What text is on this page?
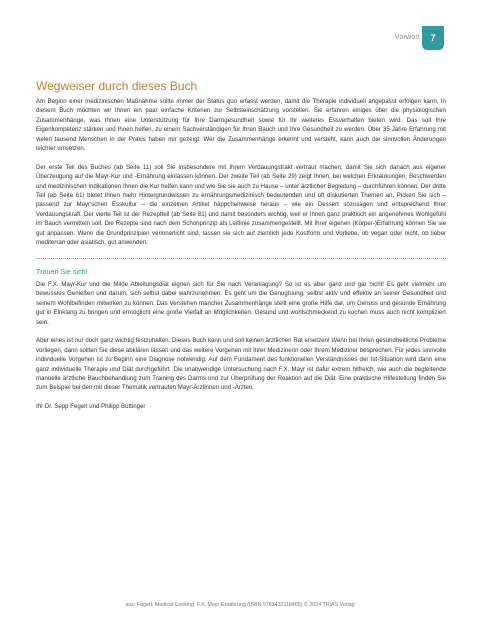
Vorwort 7
Wegweiser durch dieses Buch

Am Beginn einer medizinischen Maßnahme sollte immer der Status quo erfasst werden, damit die Therapie individuell angepasst erfolgen kann. In diesem Buch möchten wir Ihnen ein paar einfache Kriterien zur Selbsteinschätzung vorstellen. Sie erfahren einiges über die physiologischen Zusammenhänge, was Ihnen eine Unterstützung für Ihre Darmgesundheit sowie für Ihr weiteres Essverhalten bieten wird. Das soll Ihre Eigenkompetenz stärken und Ihnen helfen, zu einem Sachverständigen für Ihren Bauch und Ihre Gesundheit zu werden. Über 35 Jahre Erfahrung mit vielen tausend Menschen in der Praxis haben mir gezeigt: Wer die Zusammenhänge erkennt und versteht, kann auch die sinnvollen Änderungen leichter umsetzen.

Der erste Teil des Buches (ab Seite 11) soll Sie insbesondere mit Ihrem Verdauungstrakt vertraut machen, damit Sie sich danach aus eigener Überzeugung auf die Mayr-Kur und -Ernährung einlassen können. Der zweite Teil (ab Seite 29) zeigt Ihnen, bei welchen Erkrankungen, Beschwerden und medizinischen Indikationen Ihnen die Kur helfen kann und wie Sie sie auch zu Hause – unter ärztlicher Begleitung – durchführen können. Der dritte Teil (ab Seite 61) bietet Ihnen mehr Hintergrundwissen zu ernährungsmedizinisch bedeutenden und oft diskutierten Themen an. Picken Sie sich – passend zur Mayr'schen Esskultur – die einzelnen Artikel häppchenweise heraus – wie ein Dessert sozusagen und entsprechend Ihrer Verdauungskraft. Der vierte Teil ist der Rezeptteil (ab Seite 81) und damit besonders wichtig, weil er Ihnen ganz praktisch ein angenehmes Wohlgefühl im Bauch vermitteln soll. Die Rezepte sind nach dem Schonprinzip als Leitlinie zusammengestellt. Mit Ihrer eigenen (Körper-)Erfahrung können Sie sie gut anpassen. Wenn die Grundprinzipien verinnerlicht sind, lassen sie sich auf ziemlich jede Kostform und Vorliebe, ob vegan oder nicht, ob lieber mediterran oder asiatisch, gut anwenden.

Trauen Sie sich!

Die F.X. Mayr-Kur und die Milde Ableitungsdiät eignen sich für Sie nach Veranlagung? So ist es aber ganz und gar nicht! Es geht vielmehr um bewusstes Genießen und darum, sich selbst dabei wahrzunehmen. Es geht um die Genugtuung, selbst aktiv und effektiv an seiner Gesundheit und seinem Wohlbefinden mitwirken zu können. Das Verstehen mancher Zusammenhänge stellt eine große Hilfe dar, um Genuss und gesunde Ernährung gut in Einklang zu bringen und ermöglicht eine große Vielfalt an Möglichkeiten. Gesund und wohlschmeckend zu kochen muss auch nicht kompliziert sein.

Aber eines ist nur doch ganz wichtig festzuhalten: Dieses Buch kann und soll keinen ärztlichen Rat ersetzen! Wenn bei Ihnen gesundheitliche Probleme vorliegen, dann sollten Sie diese abklären lassen und das weitere Vorgehen mit Ihrer Medizinerin oder Ihrem Mediziner besprechen. Für jedes sinnvolle individuelle Vorgehen ist zu Beginn eine Diagnose notwendig. Auf dem Fundament des funktionellen Verständnisses der Ist-Situation wird dann eine ganz individuelle Therapie und Diät durchgeführt. Die unabwendige Untersuchung nach F.X. Mayr ist dafür extrem hilfreich, wie auch die begleitende manuelle ärztliche Bauchbehandlung zum Training des Darms und zur Überprüfung der Reaktion auf die Diät. Eine praktische Hilfestellung finden Sie zum Beispiel bei den mit dieser Thematik vertrauten Mayr-Ärztinnen und -Ärzten.

Ihr Dr. Sepp Fegerl und Philipp Buttinger

aus: Fegerl, Medical Cooking: F.X. Mayr-Ernährung (ISBN 9783432118465) © 2024 TRIAS Verlag
